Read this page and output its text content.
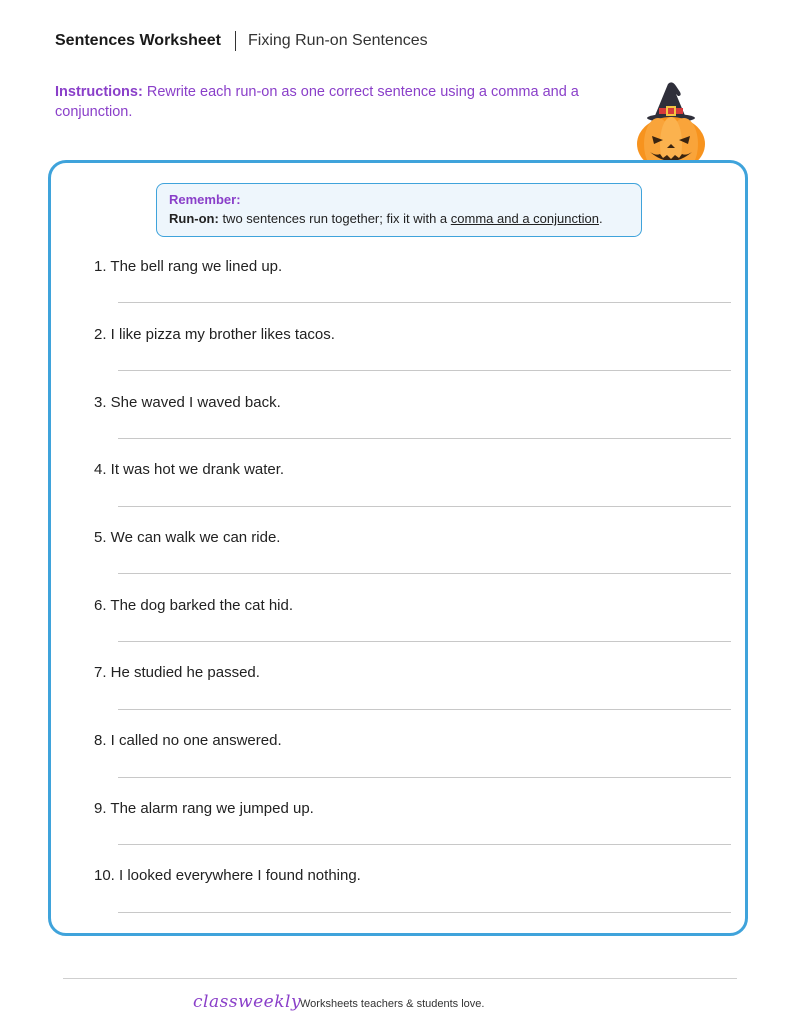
Sentences Worksheet Fixing Run-on Sentences
Instructions: Rewrite each run-on as one correct sentence using a comma and a conjunction.
Remember:
Run-on: two sentences run together; fix it with a comma and a conjunction.
1. The bell rang we lined up.
2. I like pizza my brother likes tacos.
3. She waved I waved back.
4. It was hot we drank water.
5. We can walk we can ride.
6. The dog barked the cat hid.
7. He studied he passed.
8. I called no one answered.
9. The alarm rang we jumped up.
10. I looked everywhere I found nothing.
classweekly
Worksheets teachers & students love.
